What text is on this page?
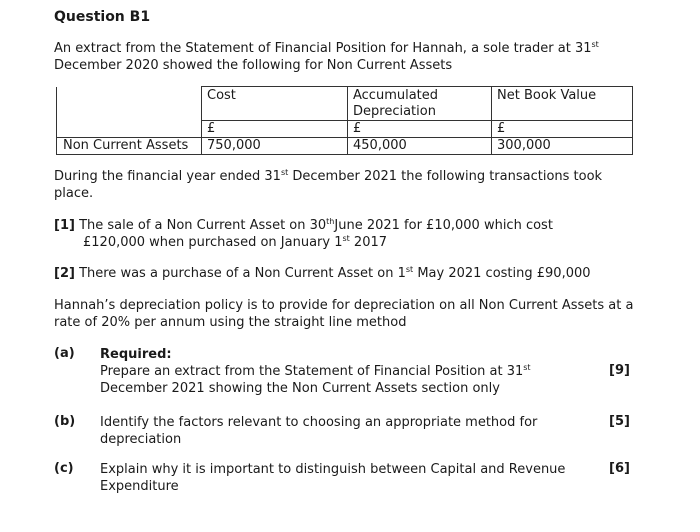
Question B1
An extract from the Statement of Financial Position for Hannah, a sole trader at 31st
December 2020 showed the following for Non Current Assets
	Cost	Accumulated Depreciation	Net Book Value
	£	£	£
Non Current Assets	750,000	450,000	300,000
During the financial year ended 31st December 2021 the following transactions took place.
[1] The sale of a Non Current Asset on 30thJune 2021 for £10,000 which cost
£120,000 when purchased on January 1st 2017
[2] There was a purchase of a Non Current Asset on 1st May 2021 costing £90,000
Hannah’s depreciation policy is to provide for depreciation on all Non Current Assets at a rate of 20% per annum using the straight line method
(a) Required:
Prepare an extract from the Statement of Financial Position at 31st
December 2021 showing the Non Current Assets section only
[9]
(b) Identify the factors relevant to choosing an appropriate method for depreciation
[5]
(c) Explain why it is important to distinguish between Capital and Revenue Expenditure
[6]
